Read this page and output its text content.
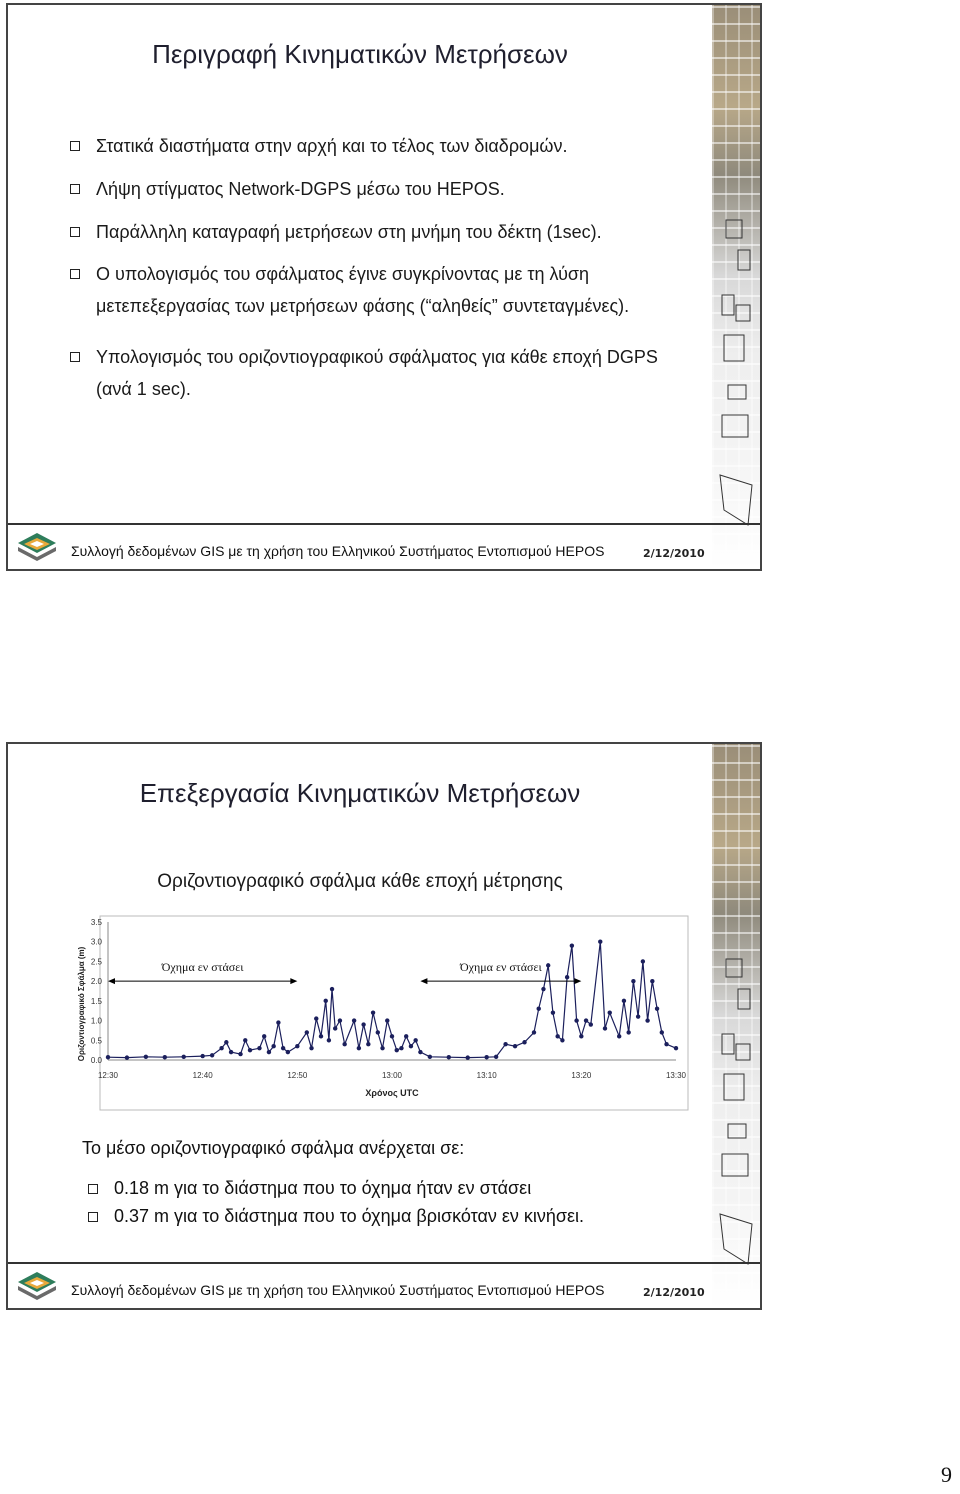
Περιγραφή Κινηματικών Μετρήσεων
Στατικά διαστήματα στην αρχή και το τέλος των διαδρομών.
Λήψη στίγματος Network-DGPS μέσω του HEPOS.
Παράλληλη καταγραφή μετρήσεων στη μνήμη του δέκτη (1sec).
Ο υπολογισμός του σφάλματος έγινε συγκρίνοντας με τη λύση μετεπεξεργασίας των μετρήσεων φάσης (“αληθείς” συντεταγμένες).
Υπολογισμός του οριζοντιογραφικού σφάλματος για κάθε εποχή DGPS (ανά 1 sec).
Συλλογή δεδομένων GIS με τη χρήση του Ελληνικού Συστήματος Εντοπισμού HEPOS	2/12/2010
Επεξεργασία Κινηματικών Μετρήσεων
Οριζοντιογραφικό σφάλμα κάθε εποχή μέτρησης
0.0
0.5
1.0
1.5
2.0
2.5
3.0
3.5
12:30	12:40	12:50	13:00	13:10	13:20	13:30
Όχημα εν στάσει	Όχημα εν στάσει
Χρόνος UTC
Οριζοντιογραφικό Σφάλμα (m)
Το μέσο οριζοντιογραφικό σφάλμα ανέρχεται σε:
0.18 m για το διάστημα που το όχημα ήταν εν στάσει
0.37 m για το διάστημα που το όχημα βρισκόταν εν κινήσει.
Συλλογή δεδομένων GIS με τη χρήση του Ελληνικού Συστήματος Εντοπισμού HEPOS	2/12/2010
9
